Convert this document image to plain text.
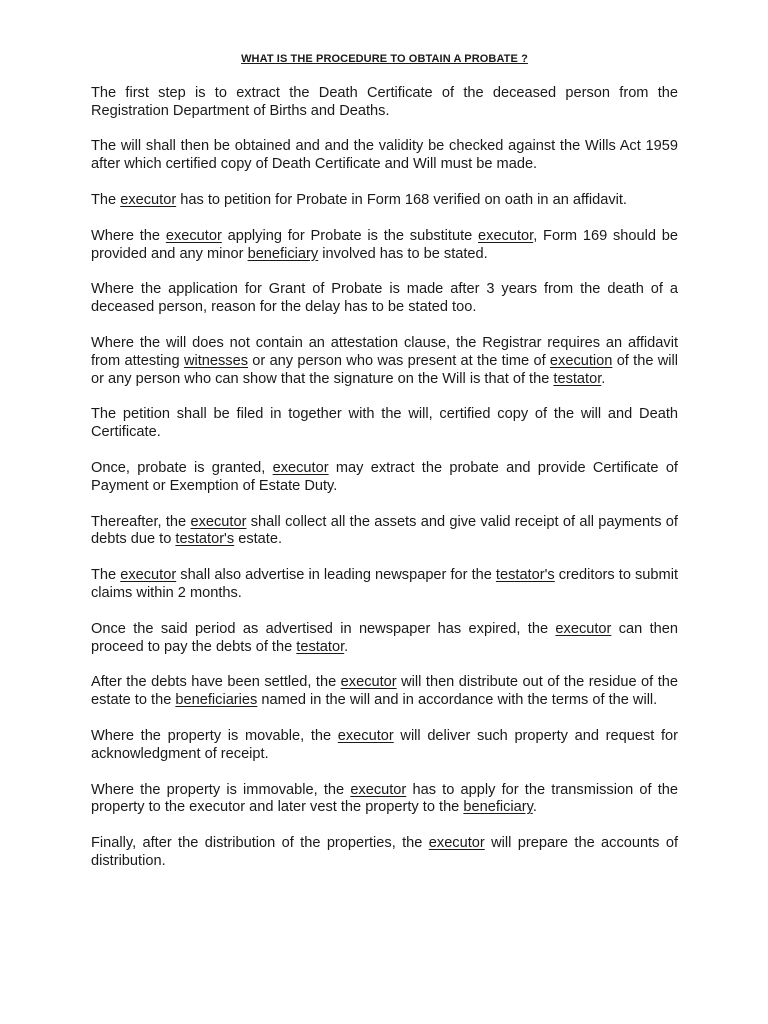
WHAT IS THE PROCEDURE TO OBTAIN A PROBATE ?

The first step is to extract the Death Certificate of the deceased person from the Registration Department of Births and Deaths.

The will shall then be obtained and and the validity be checked against the Wills Act 1959 after which certified copy of Death Certificate and Will must be made.

The executor has to petition for Probate in Form 168 verified on oath in an affidavit.

Where the executor applying for Probate is the substitute executor, Form 169 should be provided and any minor beneficiary involved has to be stated.

Where the application for Grant of Probate is made after 3 years from the death of a deceased person, reason for the delay has to be stated too.

Where the will does not contain an attestation clause, the Registrar requires an affidavit from attesting witnesses or any person who was present at the time of execution of the will or any person who can show that the signature on the Will is that of the testator.

The petition shall be filed in together with the will, certified copy of the will and Death Certificate.

Once, probate is granted, executor may extract the probate and provide Certificate of Payment or Exemption of Estate Duty.

Thereafter, the executor shall collect all the assets and give valid receipt of all payments of debts due to testator's estate.

The executor shall also advertise in leading newspaper for the testator's creditors to submit claims within 2 months.

Once the said period as advertised in newspaper has expired, the executor can then proceed to pay the debts of the testator.

After the debts have been settled, the executor will then distribute out of the residue of the estate to the beneficiaries named in the will and in accordance with the terms of the will.

Where the property is movable, the executor will deliver such property and request for acknowledgment of receipt.

Where the property is immovable, the executor has to apply for the transmission of the property to the executor and later vest the property to the beneficiary.

Finally, after the distribution of the properties, the executor will prepare the accounts of distribution.
